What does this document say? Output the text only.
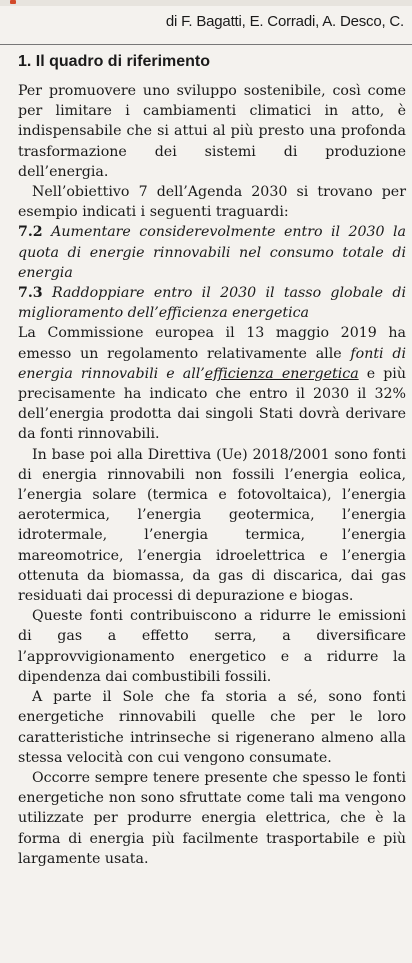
di F. Bagatti, E. Corradi, A. Desco, C.
1. Il quadro di riferimento

Per promuovere uno sviluppo sostenibile, così come per limitare i cambiamenti climatici in atto, è indispensabile che si attui al più presto una profonda trasformazione dei sistemi di produzione dell’energia.

Nell’obiettivo 7 dell’Agenda 2030 si trovano per esempio indicati i seguenti traguardi:

7.2 Aumentare considerevolmente entro il 2030 la quota di energie rinnovabili nel consumo totale di energia

7.3 Raddoppiare entro il 2030 il tasso globale di miglioramento dell’efficienza energetica

La Commissione europea il 13 maggio 2019 ha emesso un regolamento relativamente alle fonti di energia rinnovabili e all’efficienza energetica e più precisamente ha indicato che entro il 2030 il 32% dell’energia prodotta dai singoli Stati dovrà derivare da fonti rinnovabili.

In base poi alla Direttiva (Ue) 2018/2001 sono fonti di energia rinnovabili non fossili l’energia eolica, l’energia solare (termica e fotovoltaica), l’energia aerotermica, l’energia geotermica, l’energia idrotermale, l’energia termica, l’energia mareomotrice, l’energia idroelettrica e l’energia ottenuta da biomassa, da gas di discarica, dai gas residuati dai processi di depurazione e biogas.

Queste fonti contribuiscono a ridurre le emissioni di gas a effetto serra, a diversificare l’approvvigionamento energetico e a ridurre la dipendenza dai combustibili fossili.

A parte il Sole che fa storia a sé, sono fonti energetiche rinnovabili quelle che per le loro caratteristiche intrinseche si rigenerano almeno alla stessa velocità con cui vengono consumate.

Occorre sempre tenere presente che spesso le fonti energetiche non sono sfruttate come tali ma vengono utilizzate per produrre energia elettrica, che è la forma di energia più facilmente trasportabile e più largamente usata.
